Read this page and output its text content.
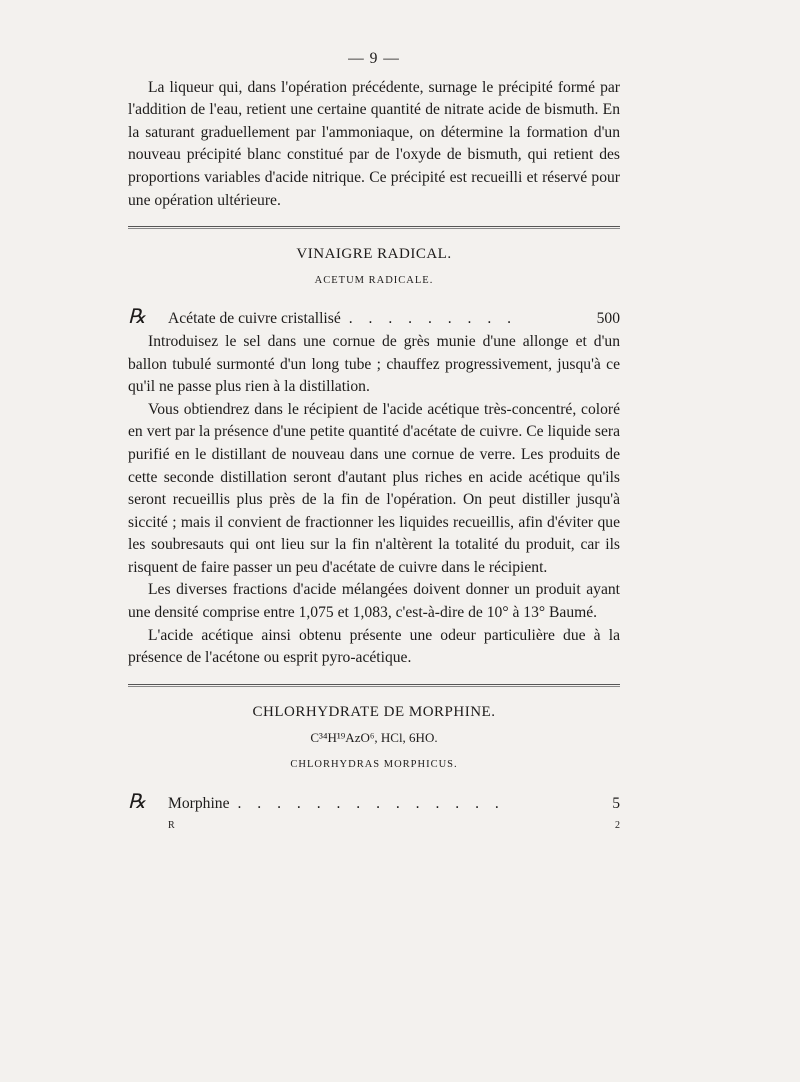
— 9 —

La liqueur qui, dans l'opération précédente, surnage le précipité formé par l'addition de l'eau, retient une certaine quantité de nitrate acide de bismuth. En la saturant graduellement par l'ammoniaque, on détermine la formation d'un nouveau précipité blanc constitué par de l'oxyde de bismuth, qui retient des proportions variables d'acide nitrique. Ce précipité est recueilli et réservé pour une opération ultérieure.

VINAIGRE RADICAL.
ACETUM RADICALE.
℞	Acétate de cuivre cristallisé . . . . . . . . .	500

Introduisez le sel dans une cornue de grès munie d'une allonge et d'un ballon tubulé surmonté d'un long tube ; chauffez progressivement, jusqu'à ce qu'il ne passe plus rien à la distillation.

Vous obtiendrez dans le récipient de l'acide acétique très-concentré, coloré en vert par la présence d'une petite quantité d'acétate de cuivre. Ce liquide sera purifié en le distillant de nouveau dans une cornue de verre. Les produits de cette seconde distillation seront d'autant plus riches en acide acétique qu'ils seront recueillis plus près de la fin de l'opération. On peut distiller jusqu'à siccité ; mais il convient de fractionner les liquides recueillis, afin d'éviter que les soubresauts qui ont lieu sur la fin n'altèrent la totalité du produit, car ils risquent de faire passer un peu d'acétate de cuivre dans le récipient.

Les diverses fractions d'acide mélangées doivent donner un produit ayant une densité comprise entre 1,075 et 1,083, c'est-à-dire de 10° à 13° Baumé.

L'acide acétique ainsi obtenu présente une odeur particulière due à la présence de l'acétone ou esprit pyro-acétique.

CHLORHYDRATE DE MORPHINE.
C³⁴H¹⁹AzO⁶, HCl, 6HO.
CHLORHYDRAS MORPHICUS.
℞	Morphine . . . . . . . . . . . . . .	5
R	2
